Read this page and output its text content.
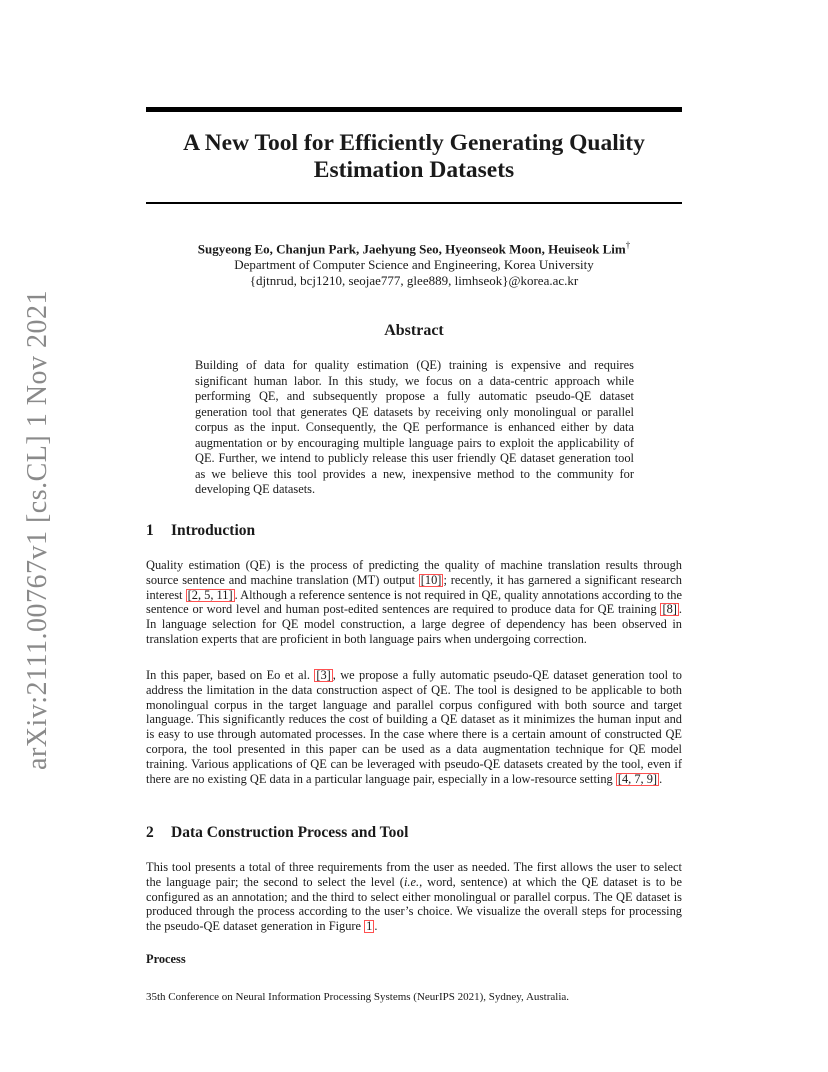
arXiv:2111.00767v1 [cs.CL] 1 Nov 2021
A New Tool for Efficiently Generating Quality
Estimation Datasets
Sugyeong Eo, Chanjun Park, Jaehyung Seo, Hyeonseok Moon, Heuiseok Lim†
Department of Computer Science and Engineering, Korea University
{djtnrud, bcj1210, seojae777, glee889, limhseok}@korea.ac.kr
Abstract
Building of data for quality estimation (QE) training is expensive and requires significant human labor. In this study, we focus on a data-centric approach while performing QE, and subsequently propose a fully automatic pseudo-QE dataset generation tool that generates QE datasets by receiving only monolingual or parallel corpus as the input. Consequently, the QE performance is enhanced either by data augmentation or by encouraging multiple language pairs to exploit the applicability of QE. Further, we intend to publicly release this user friendly QE dataset generation tool as we believe this tool provides a new, inexpensive method to the community for developing QE datasets.
1 Introduction

Quality estimation (QE) is the process of predicting the quality of machine translation results through source sentence and machine translation (MT) output [10] ; recently, it has garnered a significant research interest [2, 5, 11] . Although a reference sentence is not required in QE, quality annotations according to the sentence or word level and human post-edited sentences are required to produce data for QE training [8] . In language selection for QE model construction, a large degree of dependency has been observed in translation experts that are proficient in both language pairs when undergoing correction.

In this paper, based on Eo et al. [3] , we propose a fully automatic pseudo-QE dataset generation tool to address the limitation in the data construction aspect of QE. The tool is designed to be applicable to both monolingual corpus in the target language and parallel corpus configured with both source and target language. This significantly reduces the cost of building a QE dataset as it minimizes the human input and is easy to use through automated processes. In the case where there is a certain amount of constructed QE corpora, the tool presented in this paper can be used as a data augmentation technique for QE model training. Various applications of QE can be leveraged with pseudo-QE datasets created by the tool, even if there are no existing QE data in a particular language pair, especially in a low-resource setting [4, 7, 9] .

2 Data Construction Process and Tool

This tool presents a total of three requirements from the user as needed. The first allows the user to select the language pair; the second to select the level (i.e., word, sentence) at which the QE dataset is to be configured as an annotation; and the third to select either monolingual or parallel corpus. The QE dataset is produced through the process according to the user’s choice. We visualize the overall steps for processing the pseudo-QE dataset generation in Figure 1 .

Process
35th Conference on Neural Information Processing Systems (NeurIPS 2021), Sydney, Australia.
